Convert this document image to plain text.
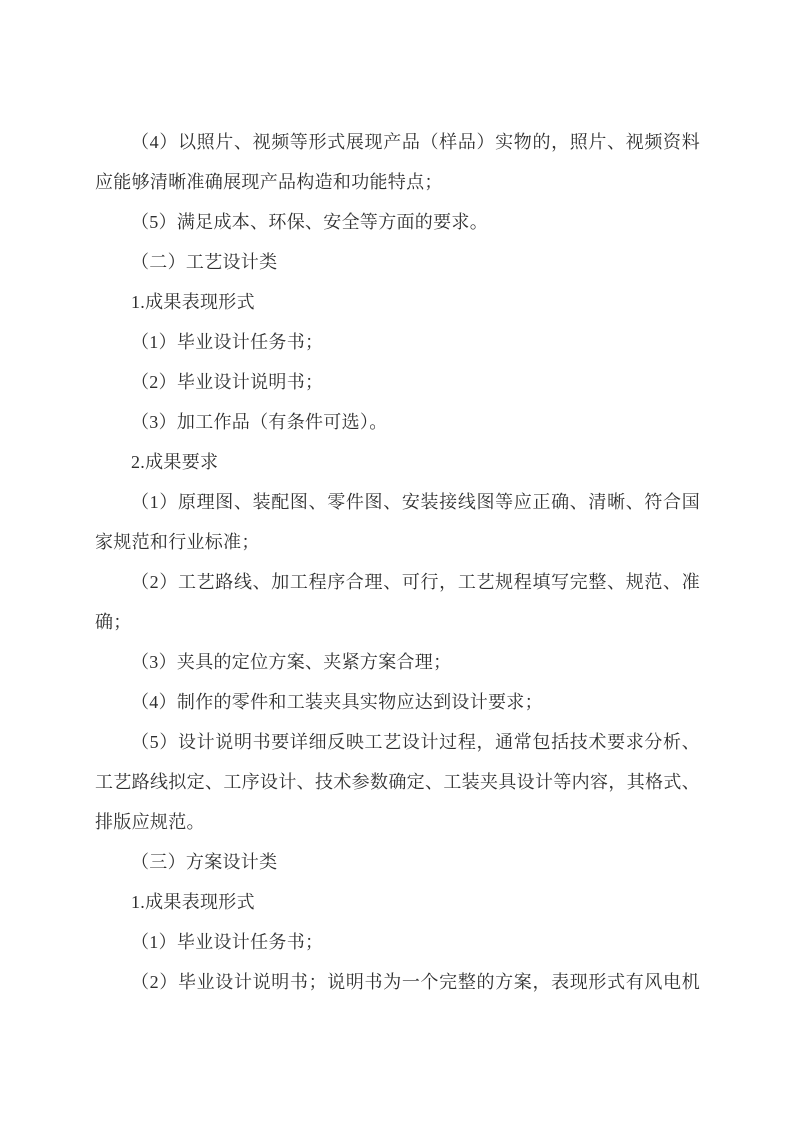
（4）以照片、视频等形式展现产品（样品）实物的，照片、视频资料
应能够清晰准确展现产品构造和功能特点；
（5）满足成本、环保、安全等方面的要求。
（二）工艺设计类
1.成果表现形式
（1）毕业设计任务书；
（2）毕业设计说明书；
（3）加工作品（有条件可选）。
2.成果要求
（1）原理图、装配图、零件图、安装接线图等应正确、清晰、符合国
家规范和行业标准；
（2）工艺路线、加工程序合理、可行，工艺规程填写完整、规范、准
确；
（3）夹具的定位方案、夹紧方案合理；
（4）制作的零件和工装夹具实物应达到设计要求；
（5）设计说明书要详细反映工艺设计过程，通常包括技术要求分析、
工艺路线拟定、工序设计、技术参数确定、工装夹具设计等内容，其格式、
排版应规范。
（三）方案设计类
1.成果表现形式
（1）毕业设计任务书；
（2）毕业设计说明书；说明书为一个完整的方案，表现形式有风电机
